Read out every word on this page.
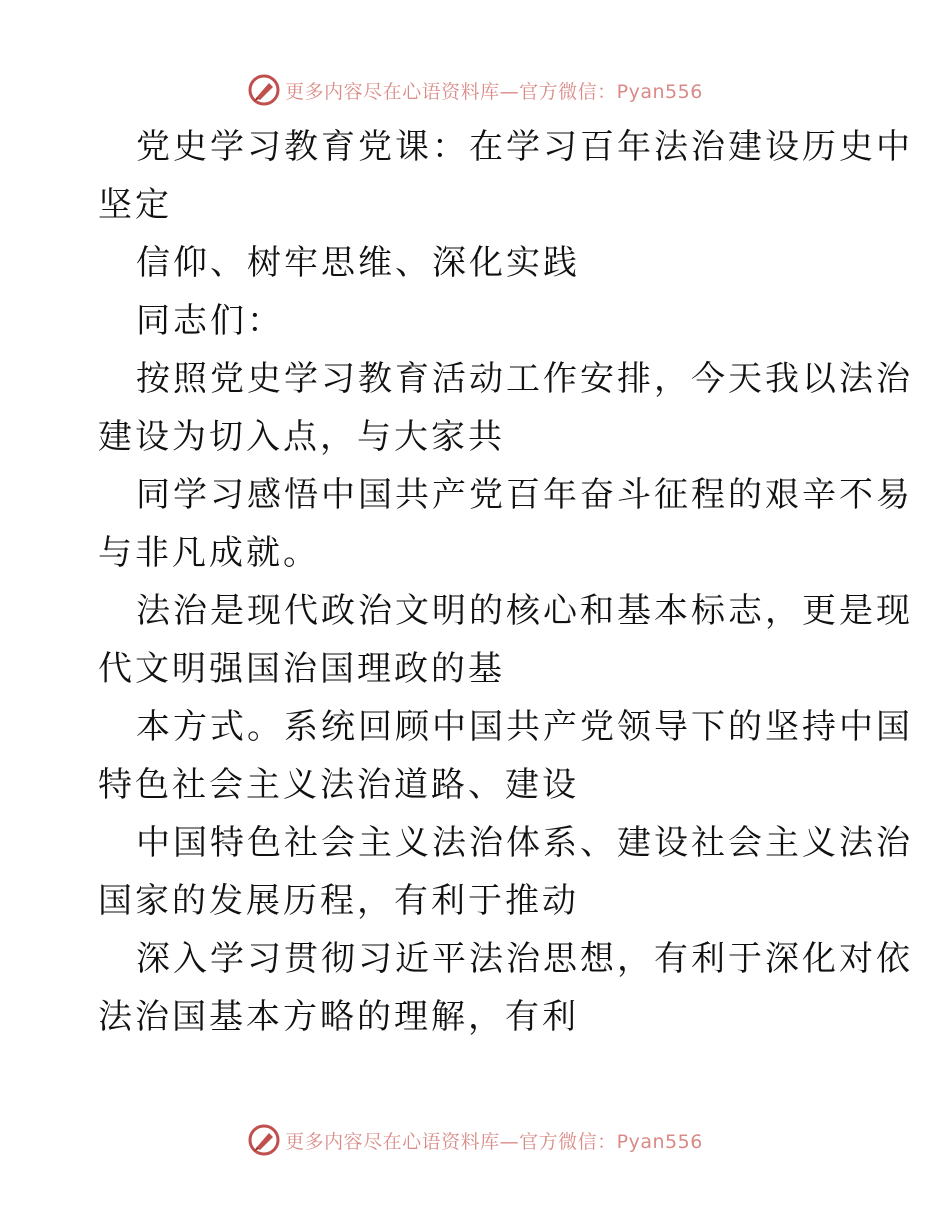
更多内容尽在心语资料库—官方微信：Pyan556
党史学习教育党课：在学习百年法治建设历史中
坚定
信仰、树牢思维、深化实践
同志们：
按照党史学习教育活动工作安排，今天我以法治
建设为切入点，与大家共
同学习感悟中国共产党百年奋斗征程的艰辛不易
与非凡成就。
法治是现代政治文明的核心和基本标志，更是现
代文明强国治国理政的基
本方式。系统回顾中国共产党领导下的坚持中国
特色社会主义法治道路、建设
中国特色社会主义法治体系、建设社会主义法治
国家的发展历程，有利于推动
深入学习贯彻习近平法治思想，有利于深化对依
法治国基本方略的理解，有利
更多内容尽在心语资料库—官方微信：Pyan556
